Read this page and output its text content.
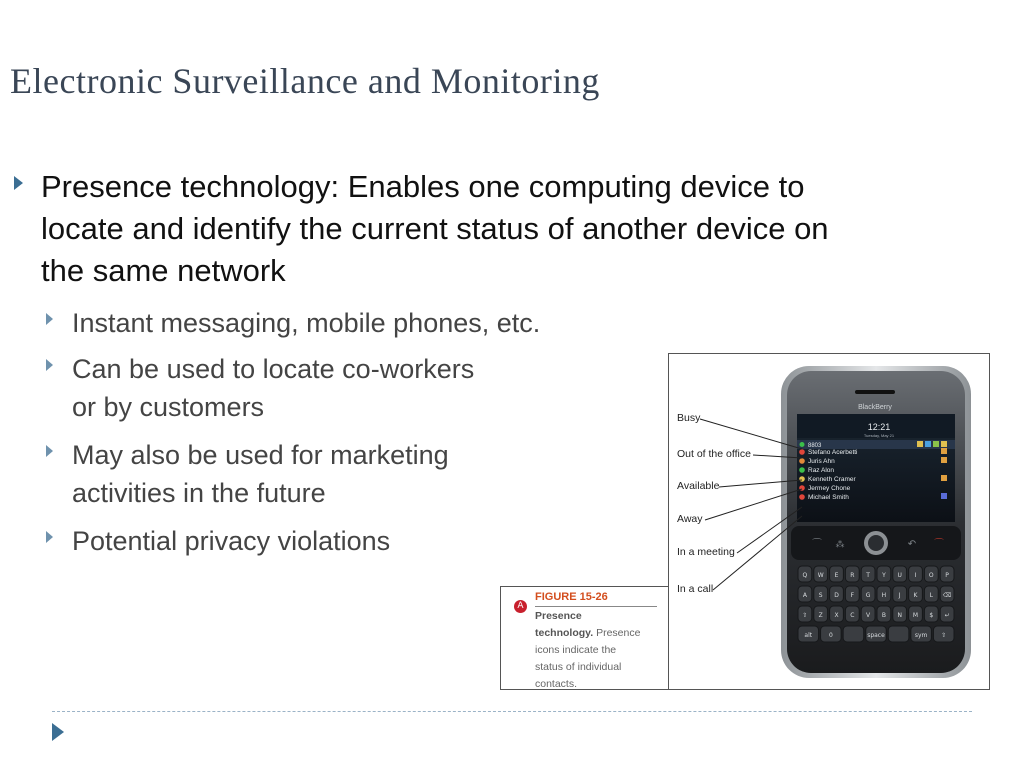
Electronic Surveillance and Monitoring
Presence technology: Enables one computing device to locate and identify the current status of another device on the same network
Instant messaging, mobile phones, etc.
Can be used to locate co-workers
or by customers
May also be used for marketing
activities in the future
Potential privacy violations
A
FIGURE 15-26
Presence
technology. Presence
icons indicate the
status of individual
contacts.
BlackBerry
12:21
Tuesday, May 21
8803
Stefano Acerbetti
Juris Ahn
Raz Alon
Kenneth Cramer
Jermey Chone
Michael Smith
⌒ ⁂	↶ ⌒
Q W E R T Y U I O P
A S D F G H J K L ⌫
⇧ Z X C V B N M $ ↵
alt	0	space	sym ⇧
Busy
Out of the office
Available
Away
In a meeting
In a call
